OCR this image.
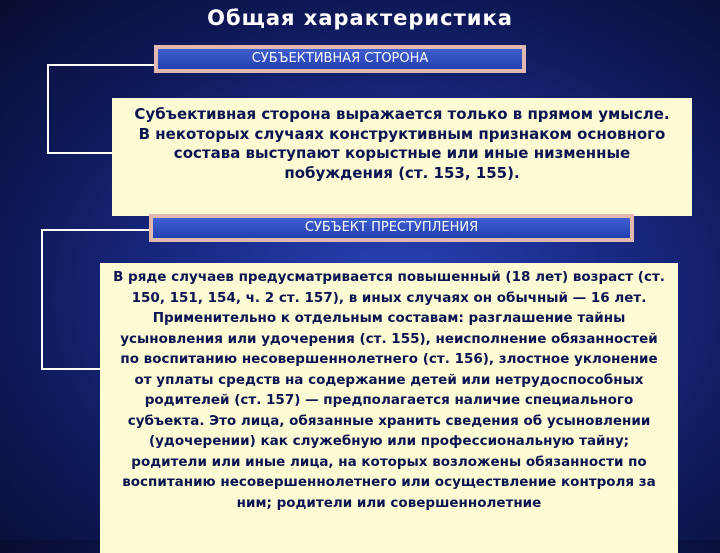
Общая характеристика
СУБЪЕКТИВНАЯ СТОРОНА

Субъективная сторона выражается только в прямом умысле.

В некоторых случаях конструктивным признаком основного состава выступают корыстные или иные низменные побуждения (ст. 153, 155).

СУБЪЕКТ ПРЕСТУПЛЕНИЯ

В ряде случаев предусматривается повышенный (18 лет) возраст (ст. 150, 151, 154, ч. 2 ст. 157), в иных случаях он обычный — 16 лет. Применительно к отдельным составам: разглашение тайны усыновления или удочерения (ст. 155), неисполнение обязанностей по воспитанию несовершеннолетнего (ст. 156), злостное уклонение от уплаты средств на содержание детей или нетрудоспособных родителей (ст. 157) — предполагается наличие специального субъекта. Это лица, обязанные хранить сведения об усыновлении (удочерении) как служебную или профессиональную тайну; родители или иные лица, на которых возложены обязанности по воспитанию несовершеннолетнего или осуществление контроля за ним; родители или совершеннолетние
